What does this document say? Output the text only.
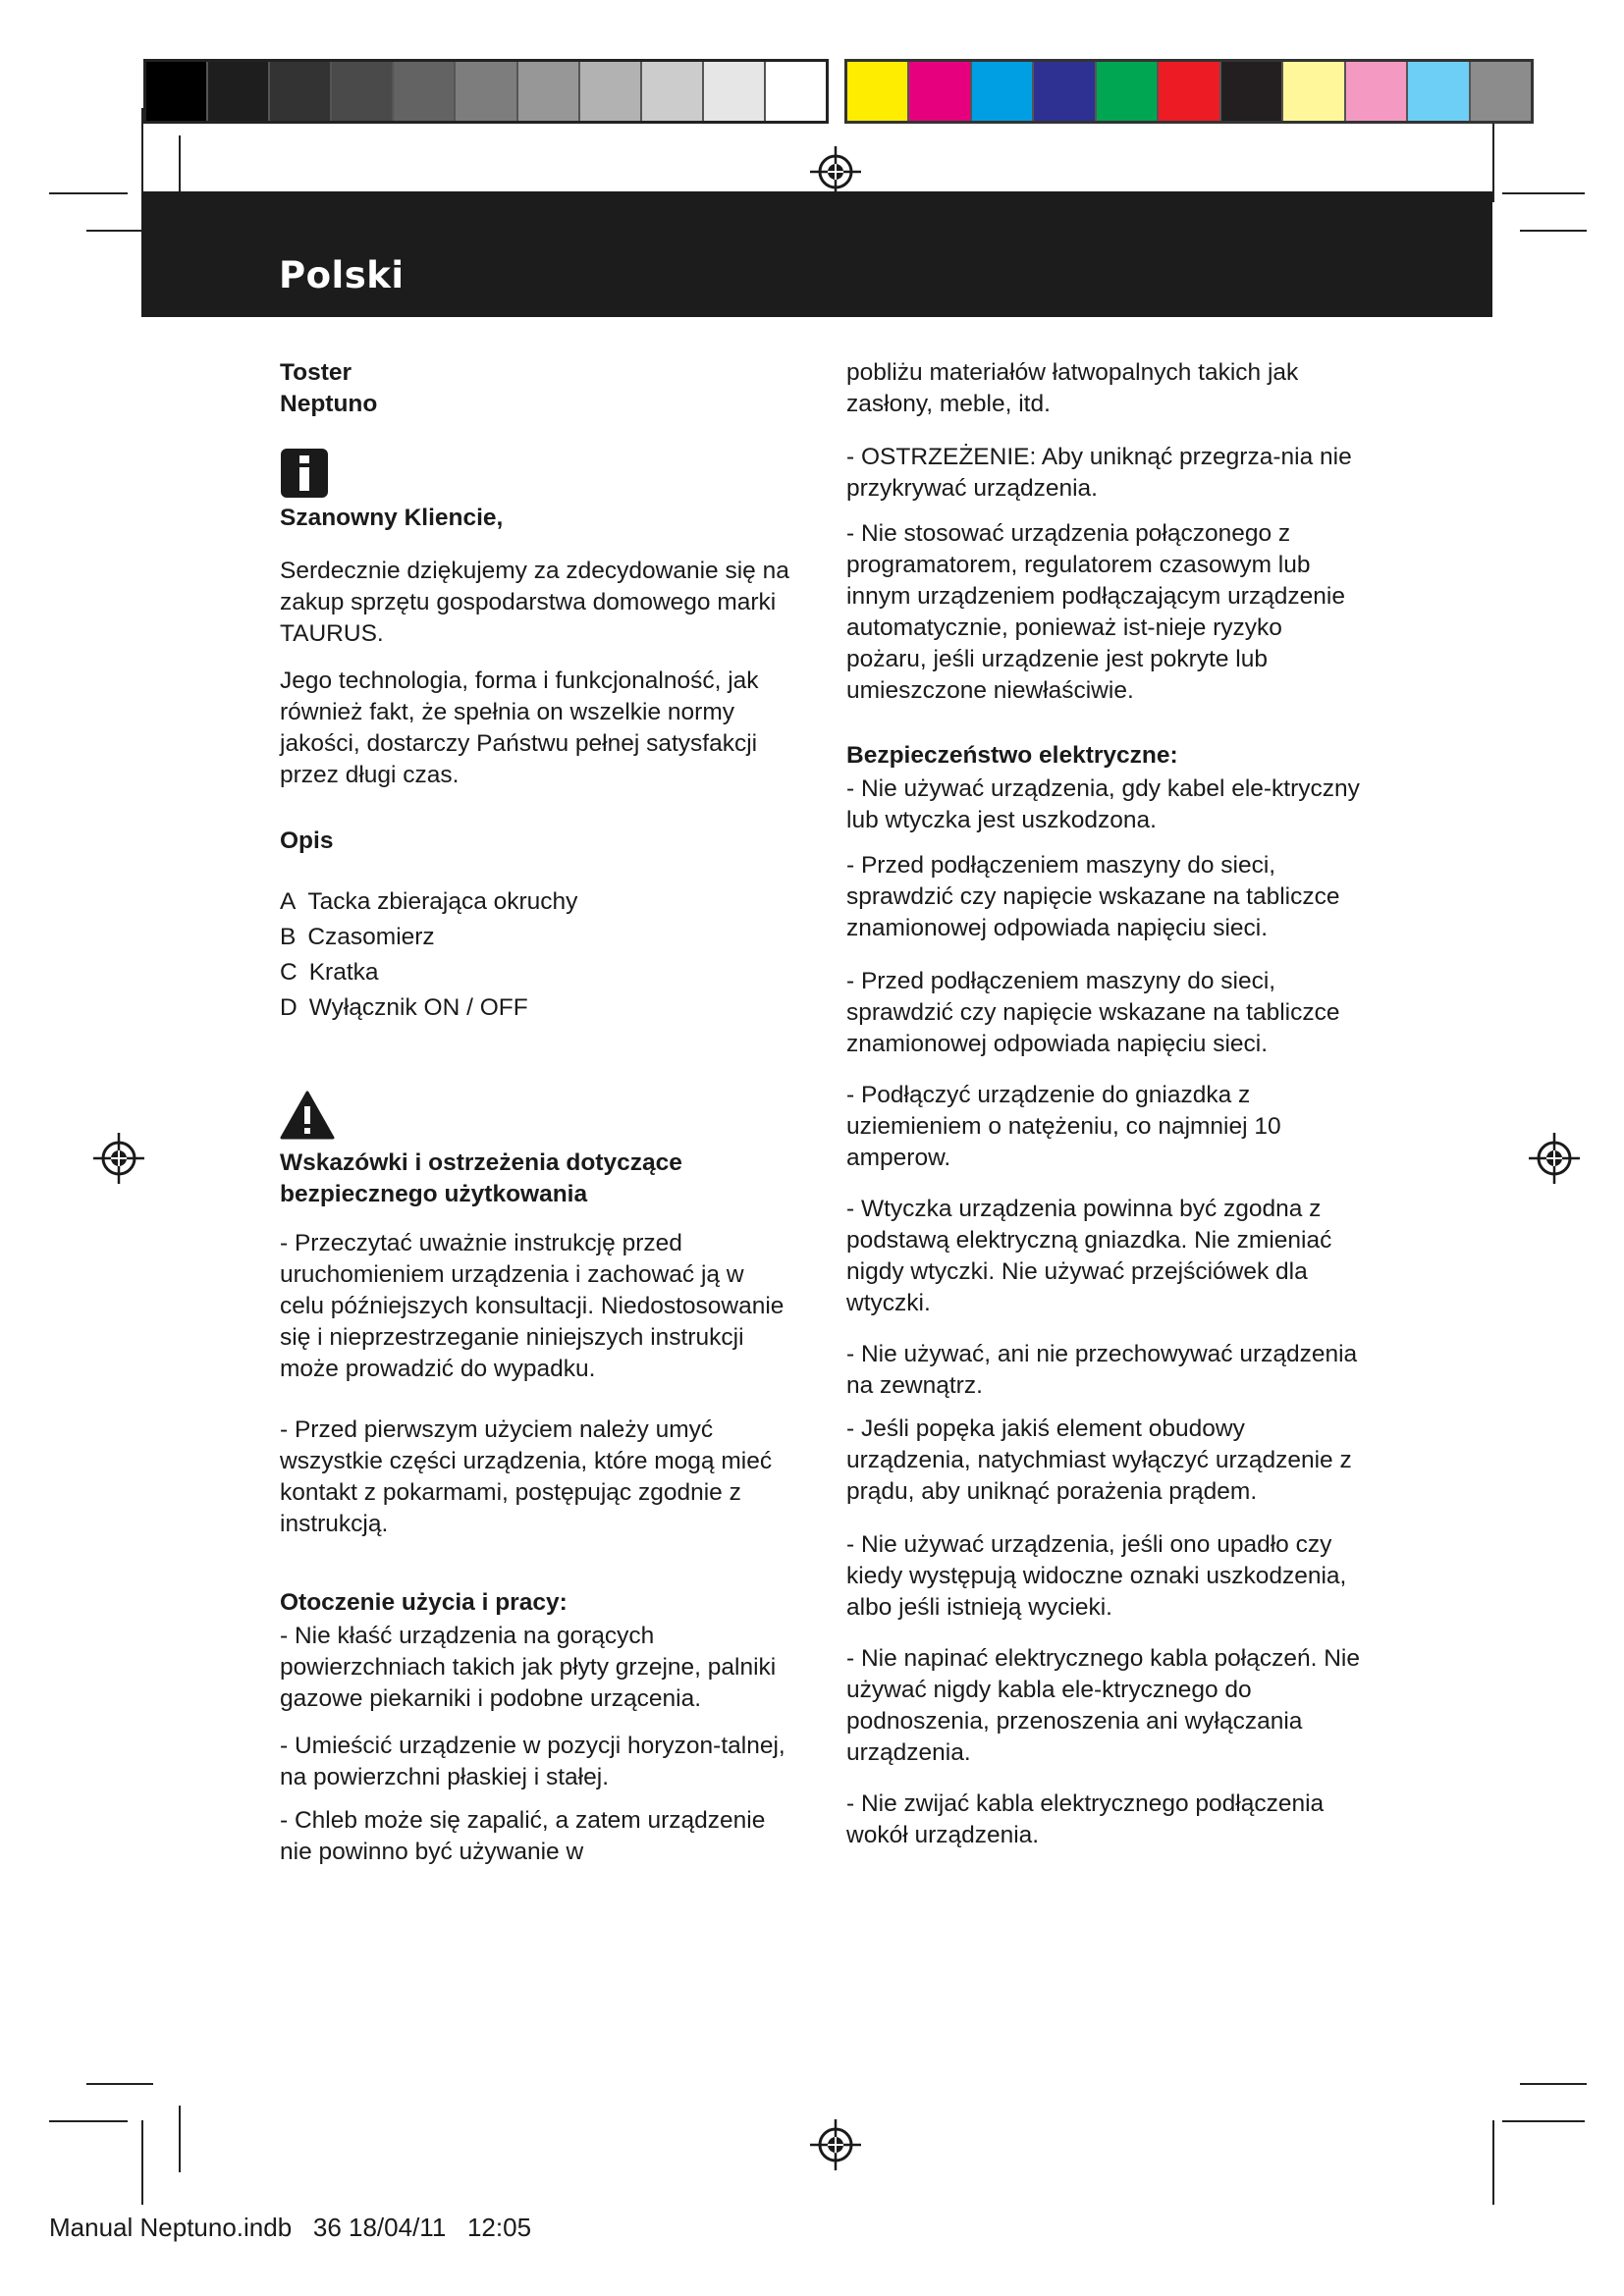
Polski

Toster

Neptuno

Szanowny Kliencie,

Serdecznie dziękujemy za zdecydowanie się na zakup sprzętu gospodarstwa domowego marki TAURUS.

Jego technologia, forma i funkcjonalność, jak również fakt, że spełnia on wszelkie normy jakości, dostarczy Państwu pełnej satysfakcji przez długi czas.

Opis

A Tacka zbierająca okruchy
B Czasomierz
C Kratka
D Wyłącznik ON / OFF

Wskazówki i ostrzeżenia dotyczące bezpiecznego użytkowania

- Przeczytać uważnie instrukcję przed uruchomieniem urządzenia i zachować ją w celu późniejszych konsultacji. Niedostosowanie się i nieprzestrzeganie niniejszych instrukcji może prowadzić do wypadku.

- Przed pierwszym użyciem należy umyć wszystkie części urządzenia, które mogą mieć kontakt z pokarmami, postępując zgodnie z instrukcją.

Otoczenie użycia i pracy:

- Nie kłaść urządzenia na gorących powierzchniach takich jak płyty grzejne, palniki gazowe piekarniki i podobne urzącenia.

- Umieścić urządzenie w pozycji horyzon-talnej, na powierzchni płaskiej i stałej.

- Chleb może się zapalić, a zatem urządzenie nie powinno być używanie w

pobliżu materiałów łatwopalnych takich jak zasłony, meble, itd.

- OSTRZEŻENIE: Aby uniknąć przegrza-nia nie przykrywać urządzenia.

- Nie stosować urządzenia połączonego z programatorem, regulatorem czasowym lub innym urządzeniem podłączającym urządzenie automatycznie, ponieważ ist-nieje ryzyko pożaru, jeśli urządzenie jest pokryte lub umieszczone niewłaściwie.

Bezpieczeństwo elektryczne:

- Nie używać urządzenia, gdy kabel ele-ktryczny lub wtyczka jest uszkodzona.

- Przed podłączeniem maszyny do sieci, sprawdzić czy napięcie wskazane na tabliczce znamionowej odpowiada napięciu sieci.

- Przed podłączeniem maszyny do sieci, sprawdzić czy napięcie wskazane na tabliczce znamionowej odpowiada napięciu sieci.

- Podłączyć urządzenie do gniazdka z uziemieniem o natężeniu, co najmniej 10 amperow.

- Wtyczka urządzenia powinna być zgodna z podstawą elektryczną gniazdka. Nie zmieniać nigdy wtyczki. Nie używać przejściówek dla wtyczki.

- Nie używać, ani nie przechowywać urządzenia na zewnątrz.

- Jeśli popęka jakiś element obudowy urządzenia, natychmiast wyłączyć urządzenie z prądu, aby uniknąć porażenia prądem.

- Nie używać urządzenia, jeśli ono upadło czy kiedy występują widoczne oznaki uszkodzenia, albo jeśli istnieją wycieki.

- Nie napinać elektrycznego kabla połączeń. Nie używać nigdy kabla ele-ktrycznego do podnoszenia, przenoszenia ani wyłączania urządzenia.

- Nie zwijać kabla elektrycznego podłączenia wokół urządzenia.

Manual Neptuno.indb 36 18/04/11 12:05
